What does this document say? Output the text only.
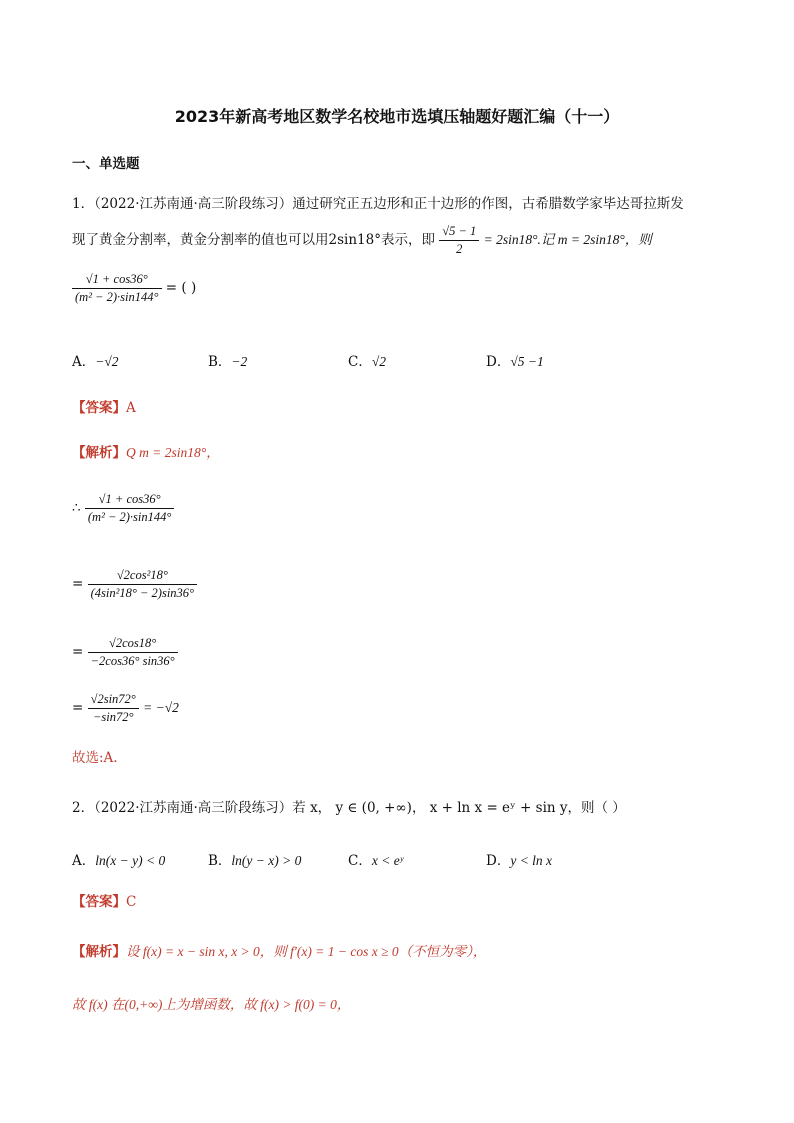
2023年新高考地区数学名校地市选填压轴题好题汇编（十一）
一、单选题
1．（2022·江苏南通·高三阶段练习）通过研究正五边形和正十边形的作图，古希腊数学家毕达哥拉斯发
现了黄金分割率，黄金分割率的值也可以用2sin18°表示，即 $\frac{√5 - 1}{2} = 2\sin 18^\circ$.记 m = 2sin18°，则
$\frac{√1 + \cos 36^\circ}{\text{(m² − 2)·sin144°}}$ = ( )
A．−√2	B．−2	C．√2	D．√5 −1
【答案】A
【解析】Q m = 2sin18°，
∴ $\frac{√1 + \cos 36^\circ}{\text{(m² − 2)·sin144°}}$
= $\frac{\text{√2cos²18°}}{\text{(4sin²18° − 2)sin36°}}$
= $\frac{√2\cos 18^\circ}{-2\cos 36^\circ \sin 36^\circ}$
= $\frac{√2\sin 72^\circ}{-\sin 72^\circ} = -√2$
故选:A.
2．（2022·江苏南通·高三阶段练习）若 x， y ∈ (0, +∞)， x + ln x = eʸ + sin y，则（ ）
A．ln(x − y) < 0	B．ln(y − x) > 0	C．x < eʸ	D．y < ln x
【答案】C
【解析】设 f(x) = x − sin x, x > 0，则 f′(x) = 1 − cos x ≥ 0（不恒为零），
故 f(x) 在(0,+∞)上为增函数，故 f(x) > f(0) = 0，
